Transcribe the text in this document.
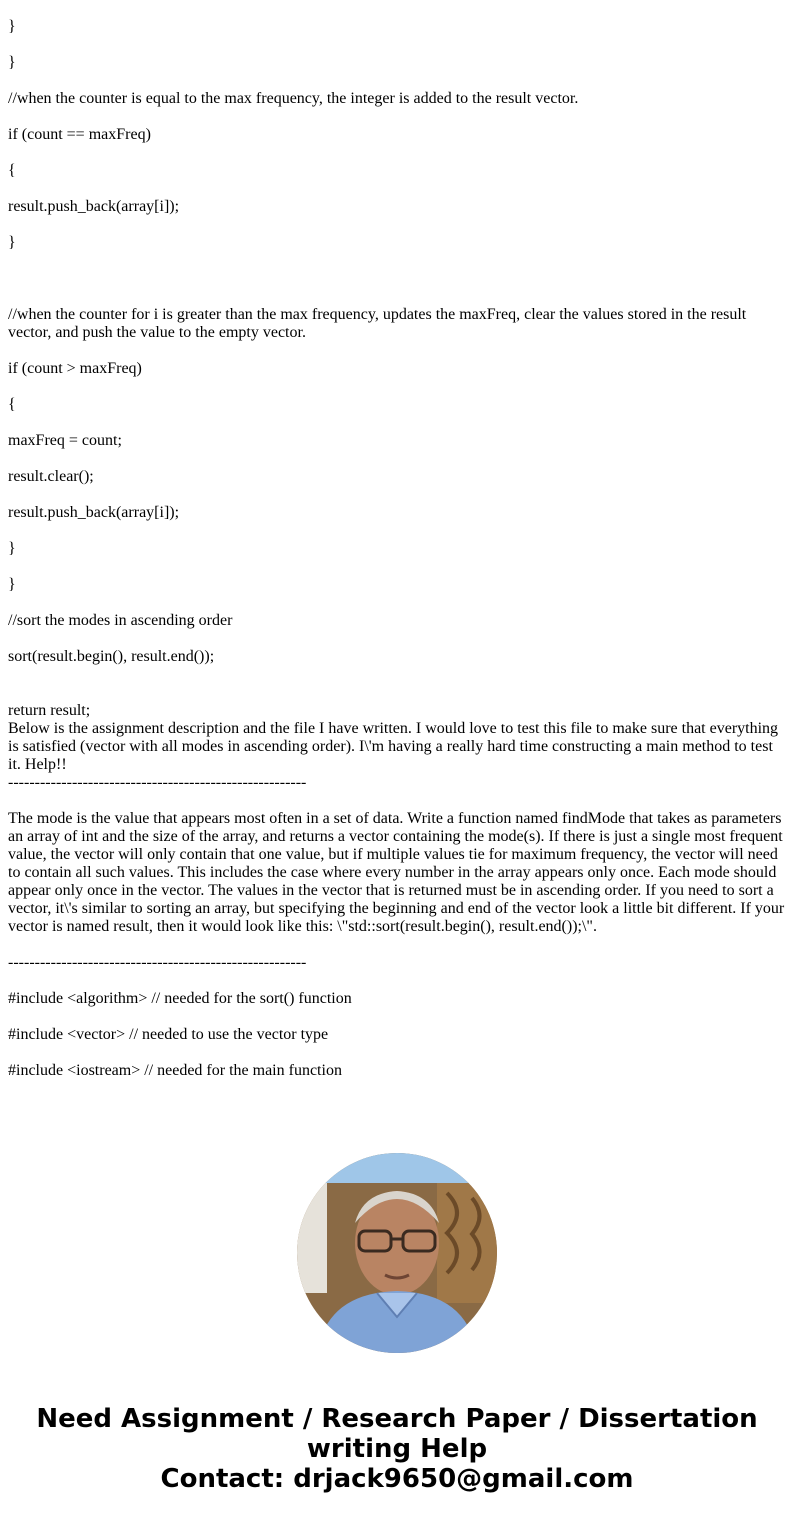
}

}

//when the counter is equal to the max frequency, the integer is added to the result vector.

if (count == maxFreq)

{

result.push_back(array[i]);

}

//when the counter for i is greater than the max frequency, updates the maxFreq, clear the values stored in the result vector, and push the value to the empty vector.

if (count > maxFreq)

{

maxFreq = count;

result.clear();

result.push_back(array[i]);

}

}

//sort the modes in ascending order

sort(result.begin(), result.end());

return result;

Below is the assignment description and the file I have written. I would love to test this file to make sure that everything is satisfied (vector with all modes in ascending order). I\'m having a really hard time constructing a main method to test it. Help!!

--------------------------------------------------------

The mode is the value that appears most often in a set of data. Write a function named findMode that takes as parameters an array of int and the size of the array, and returns a vector containing the mode(s). If there is just a single most frequent value, the vector will only contain that one value, but if multiple values tie for maximum frequency, the vector will need to contain all such values. This includes the case where every number in the array appears only once. Each mode should appear only once in the vector. The values in the vector that is returned must be in ascending order. If you need to sort a vector, it\'s similar to sorting an array, but specifying the beginning and end of the vector look a little bit different. If your vector is named result, then it would look like this: \"std::sort(result.begin(), result.end());\".

--------------------------------------------------------

#include <algorithm> // needed for the sort() function

#include <vector> // needed to use the vector type

#include <iostream> // needed for the main function

Need Assignment / Research Paper / Dissertation
writing Help
Contact: drjack9650@gmail.com
